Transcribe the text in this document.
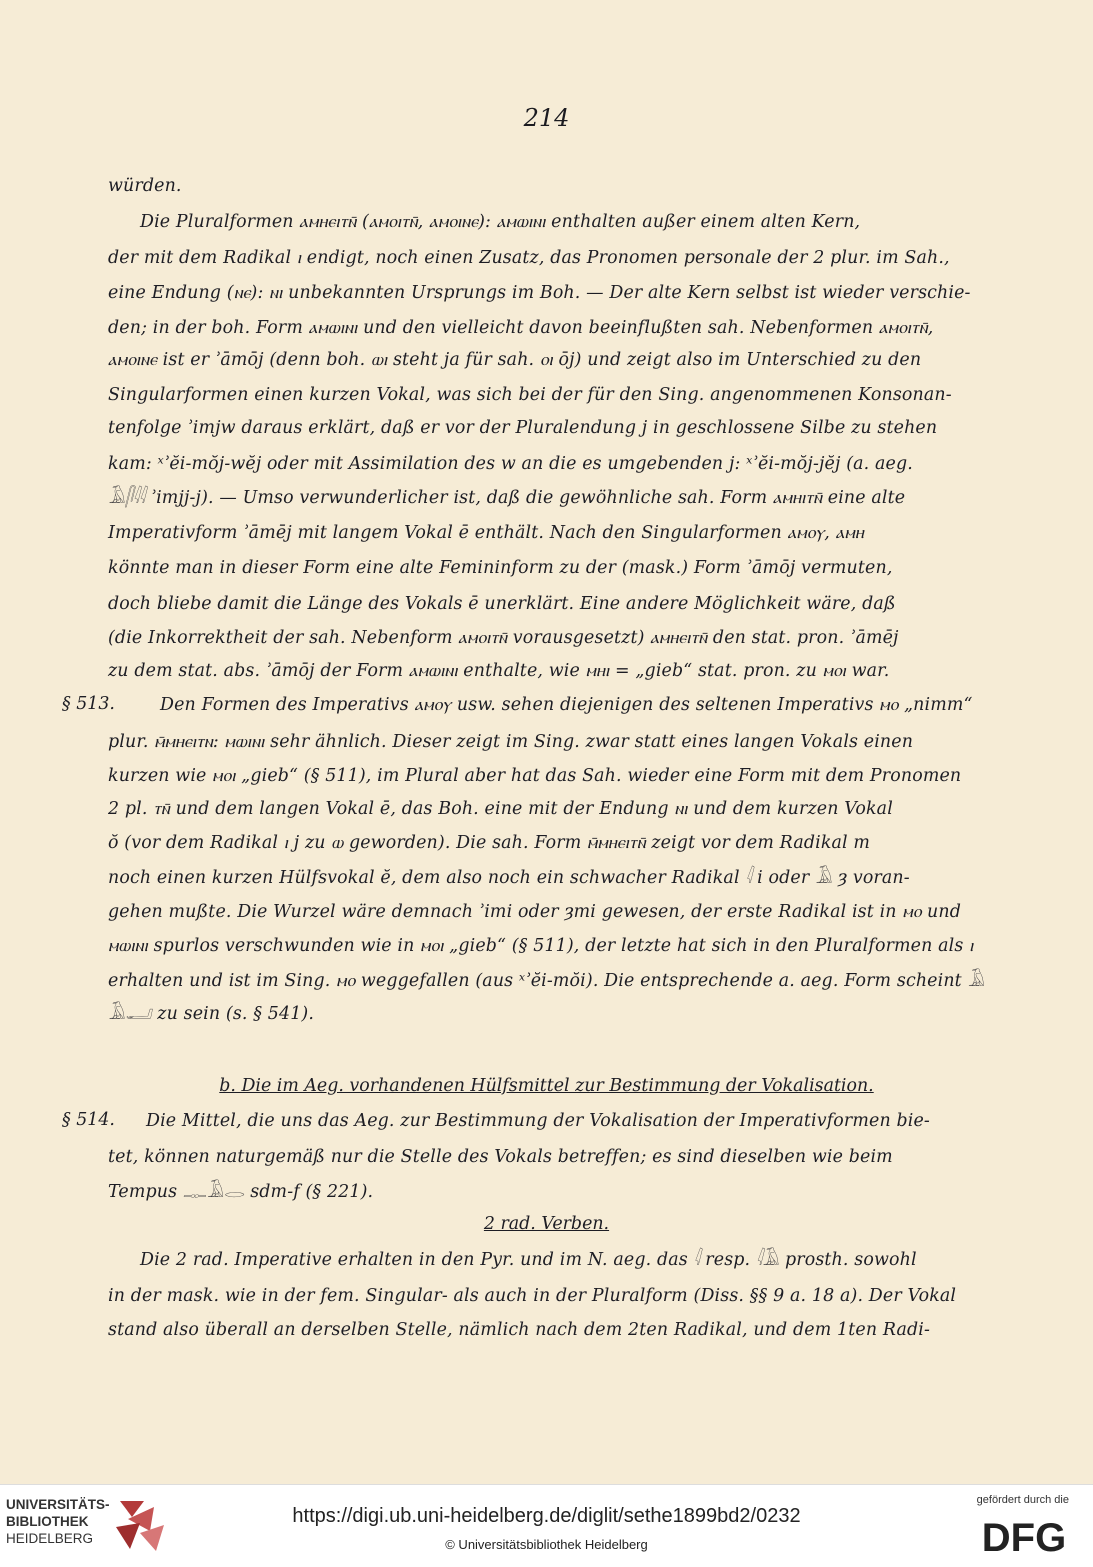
214
würden.
Die Pluralformen ⲁⲙⲏⲉⲓⲧⲛ̄ (ⲁⲙⲟⲓⲧⲛ̄, ⲁⲙⲟⲓⲛⲉ): ⲁⲙⲱⲓⲛⲓ enthalten außer einem alten Kern,
der mit dem Radikal ⲓ endigt, noch einen Zusatz, das Pronomen personale der 2 plur. im Sah.,
eine Endung (ⲛⲉ): ⲛⲓ unbekannten Ursprungs im Boh. — Der alte Kern selbst ist wieder verschie-
den; in der boh. Form ⲁⲙⲱⲓⲛⲓ und den vielleicht davon beeinflußten sah. Nebenformen ⲁⲙⲟⲓⲧⲛ̄,
ⲁⲙⲟⲓⲛⲉ ist er ʾāmōj (denn boh. ⲱⲓ steht ja für sah. ⲟⲓ ōj) und zeigt also im Unterschied zu den
Singularformen einen kurzen Vokal, was sich bei der für den Sing. angenommenen Konsonan-
tenfolge ʾimjw daraus erklärt, daß er vor der Pluralendung j in geschlossene Silbe zu stehen
kam: ˣʾĕi-mŏj-wĕj oder mit Assimilation des w an die es umgebenden j: ˣʾĕi-mŏj-jĕj (a. aeg.
𓄿𓋴𓇋𓇋 ʾimjj-j). — Umso verwunderlicher ist, daß die gewöhnliche sah. Form ⲁⲙⲏⲓⲧⲛ̄ eine alte
Imperativform ʾāmēj mit langem Vokal ē enthält. Nach den Singularformen ⲁⲙⲟⲩ, ⲁⲙⲏ
könnte man in dieser Form eine alte Femininform zu der (mask.) Form ʾāmōj vermuten,
doch bliebe damit die Länge des Vokals ē unerklärt. Eine andere Möglichkeit wäre, daß
(die Inkorrektheit der sah. Nebenform ⲁⲙⲟⲓⲧⲛ̄ vorausgesetzt) ⲁⲙⲏⲉⲓⲧⲛ̄ den stat. pron. ʾāmēj
zu dem stat. abs. ʾāmōj der Form ⲁⲙⲱⲓⲛⲓ enthalte, wie ⲙⲏⲓ = „gieb“ stat. pron. zu ⲙⲟⲓ war.
§ 513.	Den Formen des Imperativs ⲁⲙⲟⲩ usw. sehen diejenigen des seltenen Imperativs ⲙⲟ „nimm“
plur. ⲙ̄ⲙⲏⲉⲓⲧⲛ: ⲙⲱⲓⲛⲓ sehr ähnlich. Dieser zeigt im Sing. zwar statt eines langen Vokals einen
kurzen wie ⲙⲟⲓ „gieb“ (§ 511), im Plural aber hat das Sah. wieder eine Form mit dem Pronomen
2 pl. ⲧⲛ̄ und dem langen Vokal ē, das Boh. eine mit der Endung ⲛⲓ und dem kurzen Vokal
ŏ (vor dem Radikal ⲓ j zu ⲱ geworden). Die sah. Form ⲙ̄ⲙⲏⲉⲓⲧⲛ̄ zeigt vor dem Radikal m
noch einen kurzen Hülfsvokal ĕ, dem also noch ein schwacher Radikal 𓇋 i oder 𓄿 ȝ voran-
gehen mußte. Die Wurzel wäre demnach ʾimi oder ȝmi gewesen, der erste Radikal ist in ⲙⲟ und
ⲙⲱⲓⲛⲓ spurlos verschwunden wie in ⲙⲟⲓ „gieb“ (§ 511), der letzte hat sich in den Pluralformen als ⲓ
erhalten und ist im Sing. ⲙⲟ weggefallen (aus ˣʾĕi-mŏi). Die entsprechende a. aeg. Form scheint 𓄿
𓄿𓂝 zu sein (s. § 541).
b. Die im Aeg. vorhandenen Hülfsmittel zur Bestimmung der Vokalisation.
§ 514. Die Mittel, die uns das Aeg. zur Bestimmung der Vokalisation der Imperativformen bie-
tet, können naturgemäß nur die Stelle des Vokals betreffen; es sind dieselben wie beim
Tempus 𓊃𓄿𓂋 sdm-f (§ 221).
2 rad. Verben.
Die 2 rad. Imperative erhalten in den Pyr. und im N. aeg. das 𓇋 resp. 𓇋𓄿 prosth. sowohl
in der mask. wie in der fem. Singular- als auch in der Pluralform (Diss. §§ 9 a. 18 a). Der Vokal
stand also überall an derselben Stelle, nämlich nach dem 2ten Radikal, und dem 1ten Radi-
UNIVERSITÄTS-
BIBLIOTHEK
HEIDELBERG
https://digi.ub.uni-heidelberg.de/diglit/sethe1899bd2/0232
© Universitätsbibliothek Heidelberg
gefördert durch die
DFG
